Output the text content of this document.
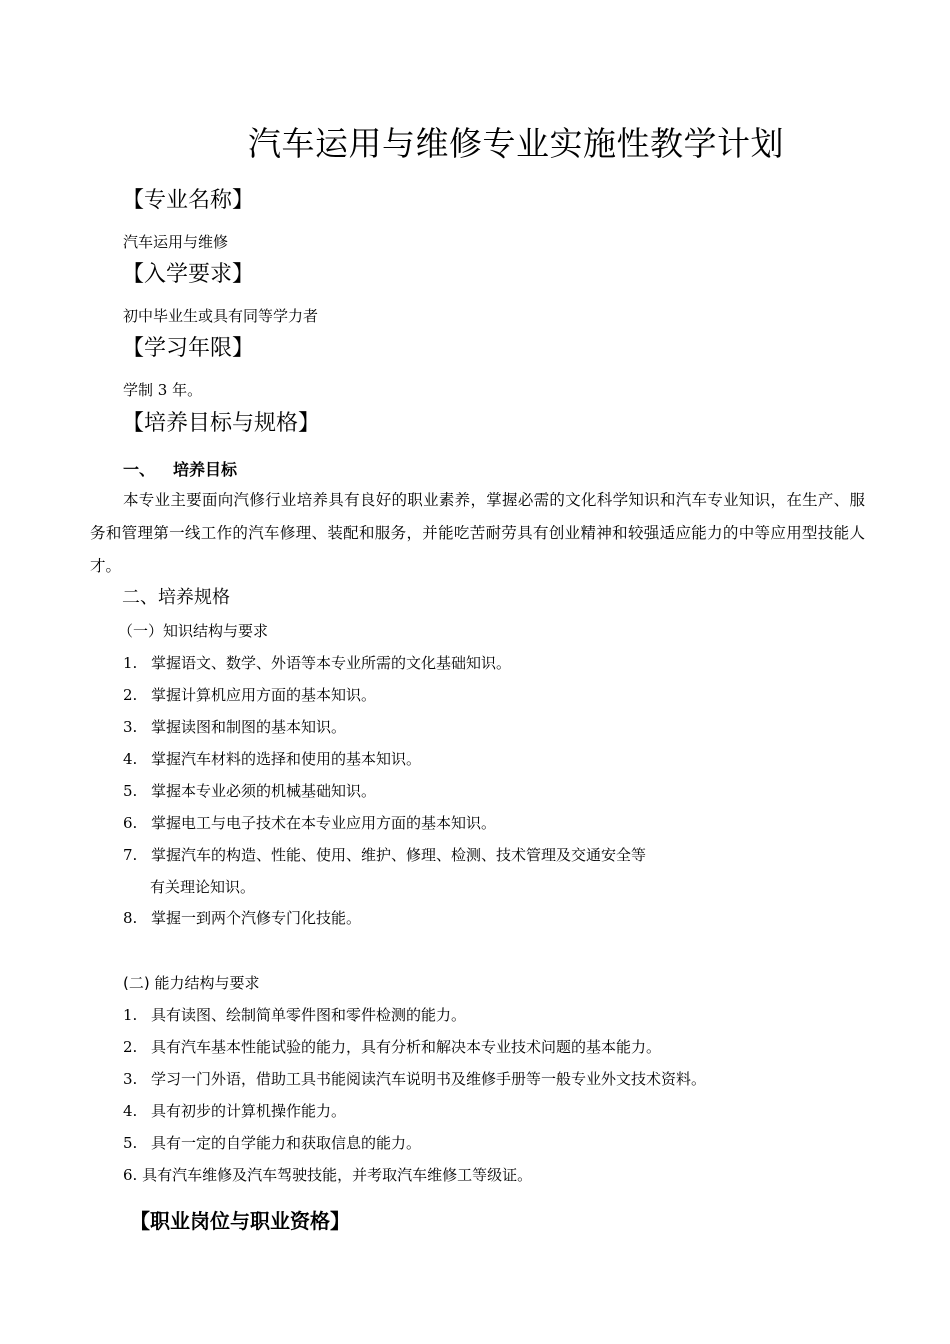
汽车运用与维修专业实施性教学计划
【专业名称】
汽车运用与维修
【入学要求】
初中毕业生或具有同等学力者
【学习年限】
学制 3 年。
【培养目标与规格】
一、 培养目标
本专业主要面向汽修行业培养具有良好的职业素养，掌握必需的文化科学知识和汽车专业知识，在生产、服务和管理第一线工作的汽车修理、装配和服务，并能吃苦耐劳具有创业精神和较强适应能力的中等应用型技能人才。
二、培养规格
（一）知识结构与要求
1. 掌握语文、数学、外语等本专业所需的文化基础知识。
2. 掌握计算机应用方面的基本知识。
3. 掌握读图和制图的基本知识。
4. 掌握汽车材料的选择和使用的基本知识。
5. 掌握本专业必须的机械基础知识。
6. 掌握电工与电子技术在本专业应用方面的基本知识。
7. 掌握汽车的构造、性能、使用、维护、修理、检测、技术管理及交通安全等
有关理论知识。
8. 掌握一到两个汽修专门化技能。
(二) 能力结构与要求
1. 具有读图、绘制简单零件图和零件检测的能力。
2. 具有汽车基本性能试验的能力，具有分析和解决本专业技术问题的基本能力。
3. 学习一门外语，借助工具书能阅读汽车说明书及维修手册等一般专业外文技术资料。
4. 具有初步的计算机操作能力。
5. 具有一定的自学能力和获取信息的能力。
6. 具有汽车维修及汽车驾驶技能，并考取汽车维修工等级证。
【职业岗位与职业资格】
